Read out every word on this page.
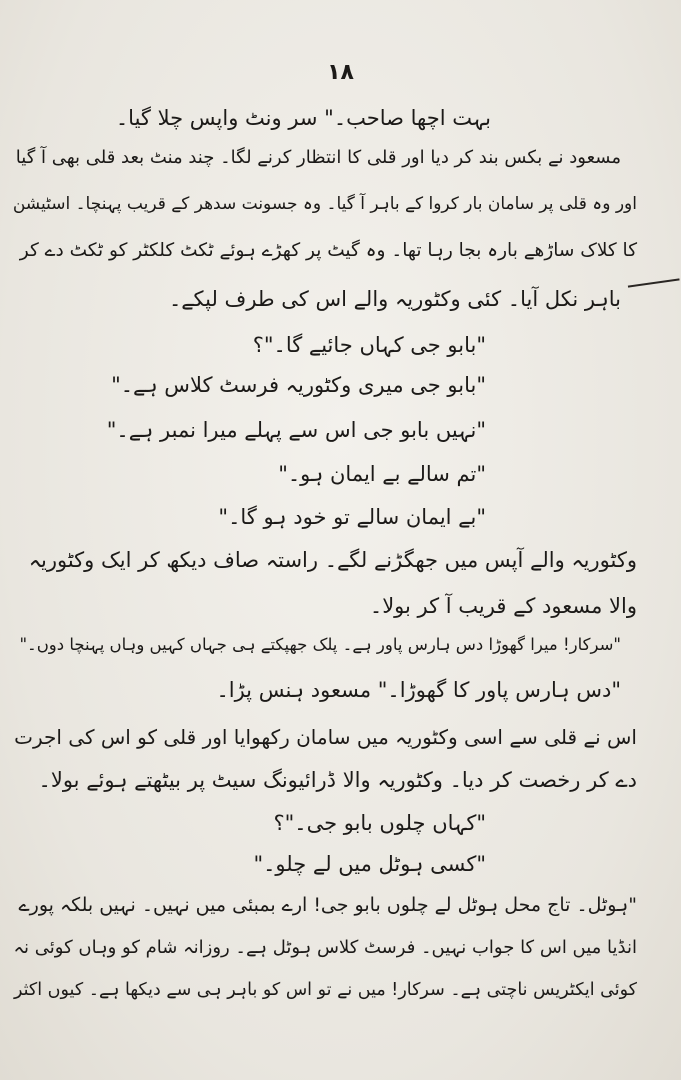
۱۸
بہت اچھا صاحب۔" سر ونٹ واپس چلا گیا۔
مسعود نے بکس بند کر دیا اور قلی کا انتظار کرنے لگا۔ چند منٹ بعد قلی بھی آ گیا
اور وہ قلی پر سامان بار کروا کے باہر آ گیا۔ وہ جسونت سدھر کے قریب پہنچا۔ اسٹیشن
کا کلاک ساڑھے بارہ بجا رہا تھا۔ وہ گیٹ پر کھڑے ہوئے ٹکٹ کلکٹر کو ٹکٹ دے کر
باہر نکل آیا۔ کئی وکٹوریہ والے اس کی طرف لپکے۔
"بابو جی کہاں جائیے گا۔"؟
"بابو جی میری وکٹوریہ فرسٹ کلاس ہے۔"
"نہیں بابو جی اس سے پہلے میرا نمبر ہے۔"
"تم سالے بے ایمان ہو۔"
"بے ایمان سالے تو خود ہو گا۔"
وکٹوریہ والے آپس میں جھگڑنے لگے۔ راستہ صاف دیکھ کر ایک وکٹوریہ
والا مسعود کے قریب آ کر بولا۔
"سرکار! میرا گھوڑا دس ہارس پاور ہے۔ پلک جھپکتے ہی جہاں کہیں وہاں پہنچا دوں۔"
"دس ہارس پاور کا گھوڑا۔" مسعود ہنس پڑا۔
اس نے قلی سے اسی وکٹوریہ میں سامان رکھوایا اور قلی کو اس کی اجرت
دے کر رخصت کر دیا۔ وکٹوریہ والا ڈرائیونگ سیٹ پر بیٹھتے ہوئے بولا۔
"کہاں چلوں بابو جی۔"؟
"کسی ہوٹل میں لے چلو۔"
"ہوٹل۔ تاج محل ہوٹل لے چلوں بابو جی! ارے بمبئی میں نہیں۔ نہیں بلکہ پورے
انڈیا میں اس کا جواب نہیں۔ فرسٹ کلاس ہوٹل ہے۔ روزانہ شام کو وہاں کوئی نہ
کوئی ایکٹریس ناچتی ہے۔ سرکار! میں نے تو اس کو باہر ہی سے دیکھا ہے۔ کیوں اکثر
